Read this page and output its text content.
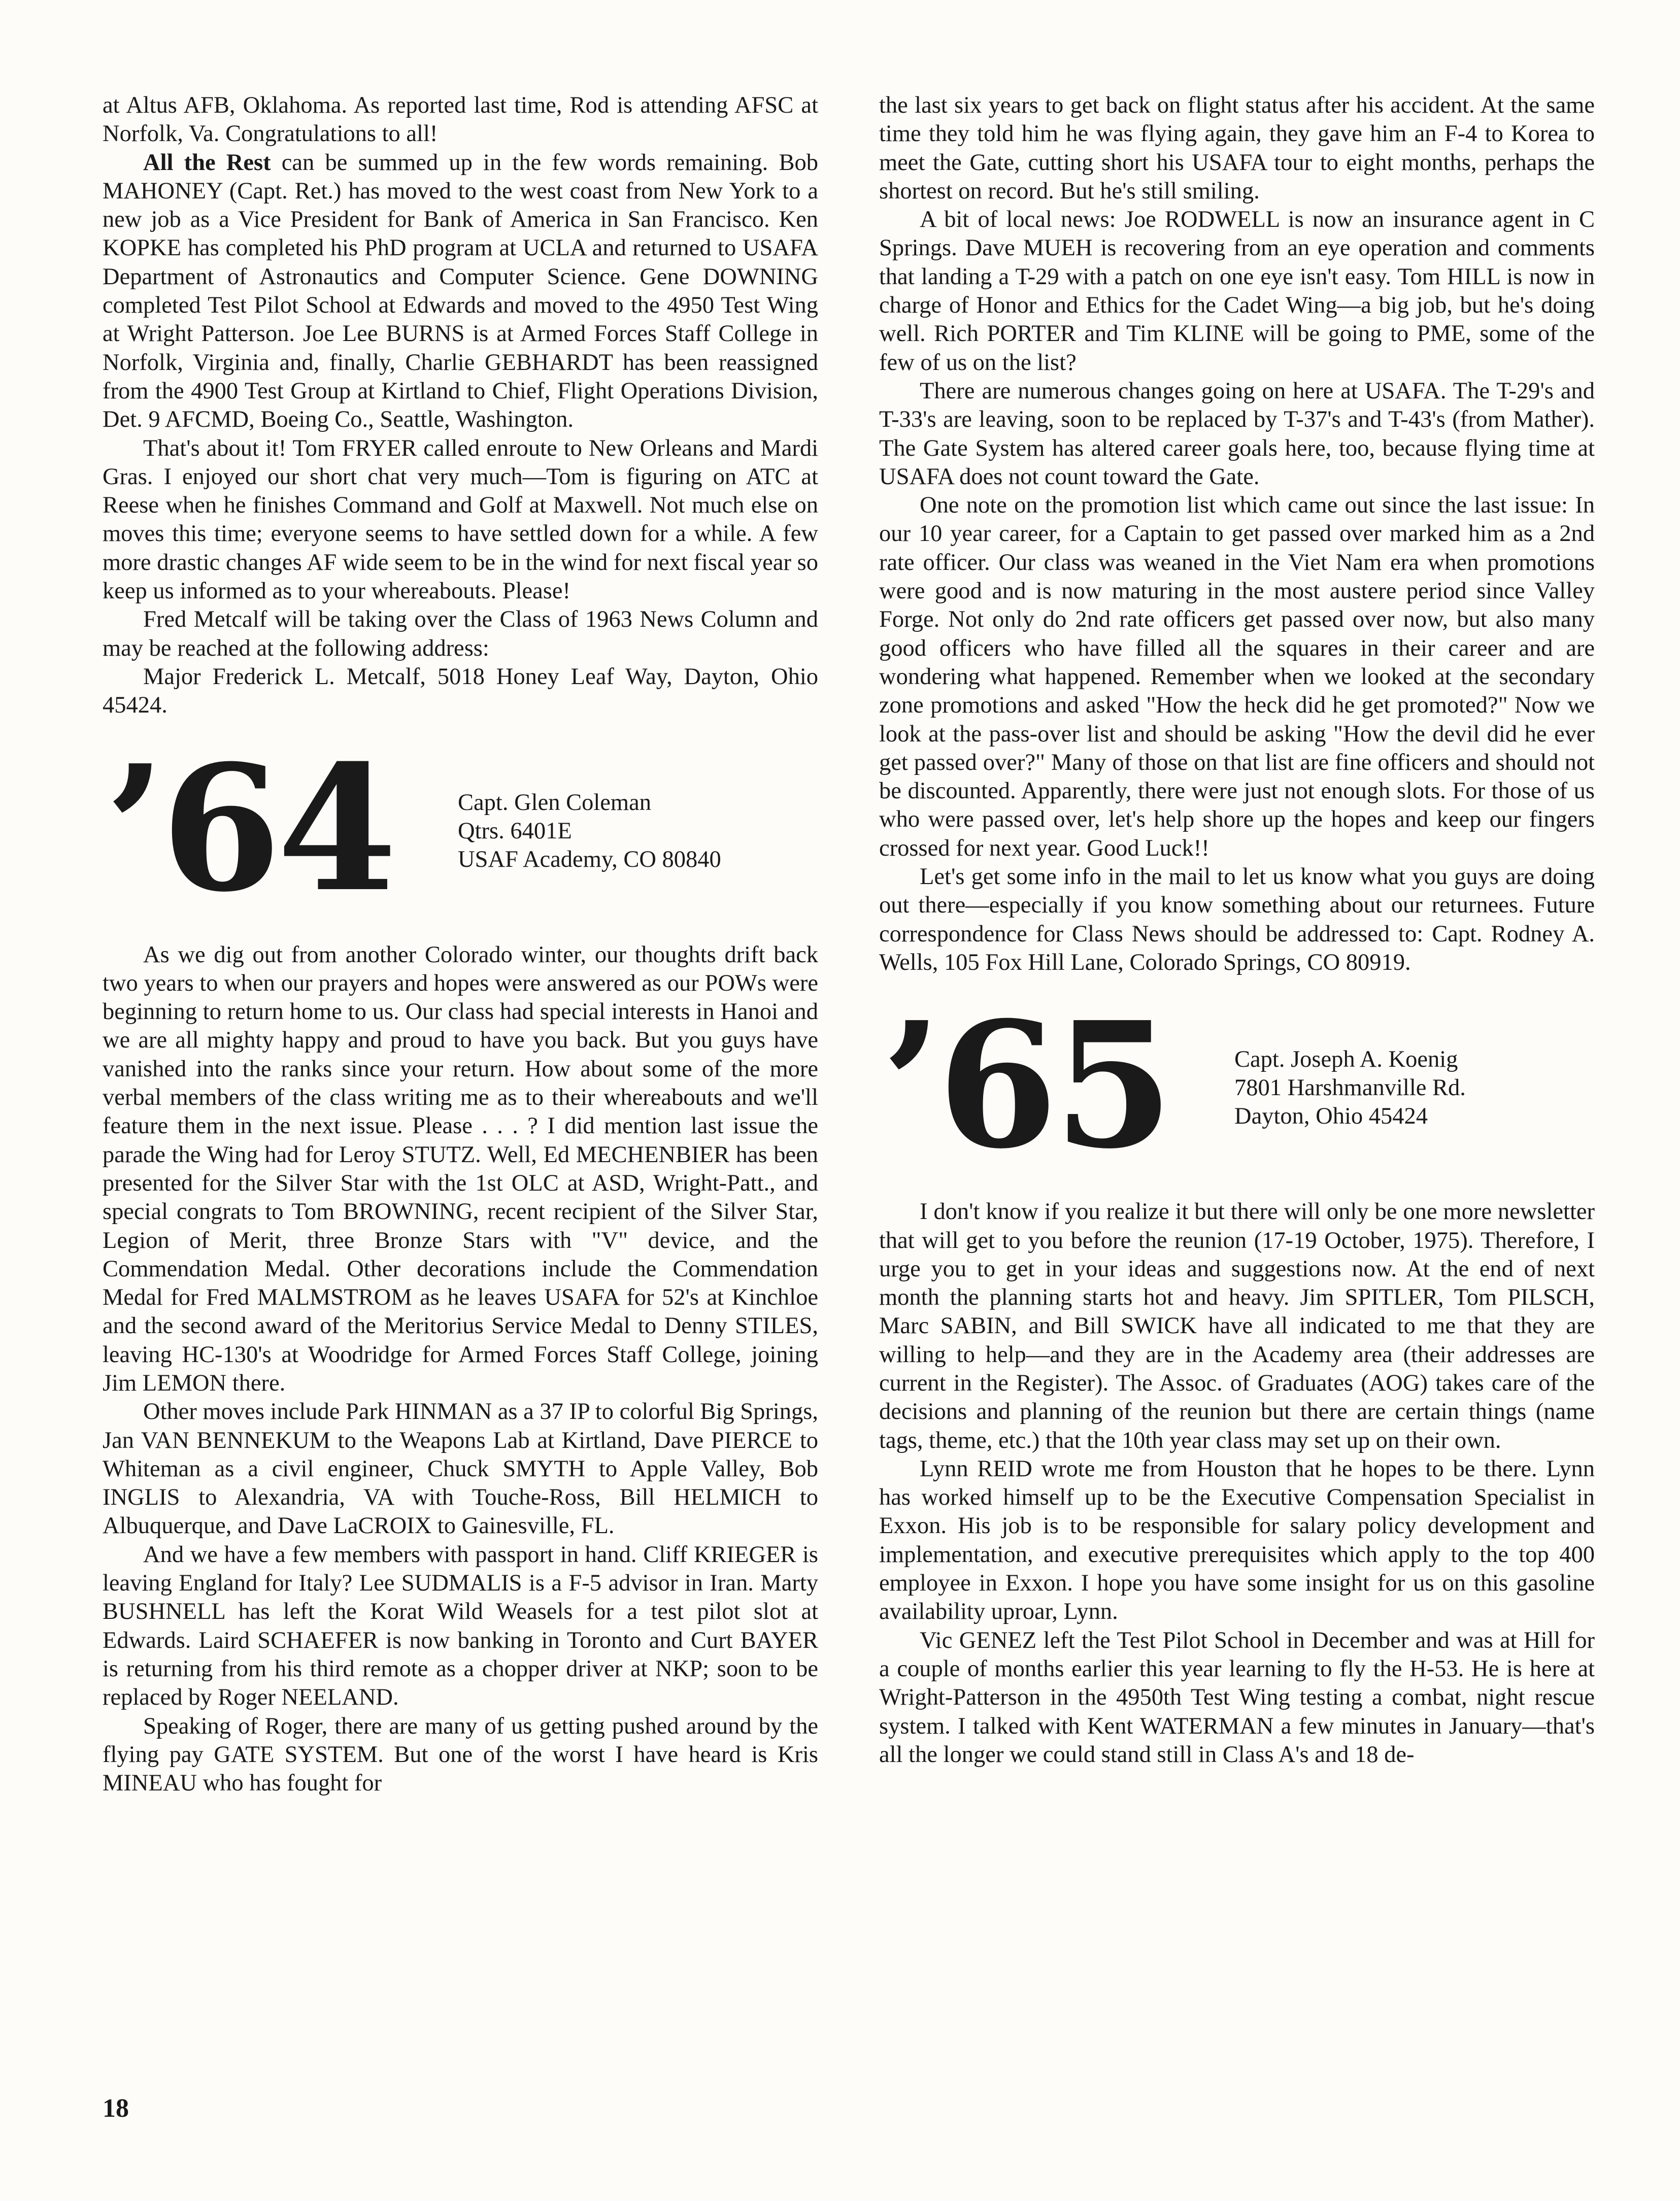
at Altus AFB, Oklahoma. As reported last time, Rod is attending AFSC at Norfolk, Va. Congratulations to all!

All the Rest can be summed up in the few words remaining. Bob MAHONEY (Capt. Ret.) has moved to the west coast from New York to a new job as a Vice President for Bank of America in San Francisco. Ken KOPKE has completed his PhD program at UCLA and returned to USAFA Department of Astronautics and Computer Science. Gene DOWNING completed Test Pilot School at Edwards and moved to the 4950 Test Wing at Wright Patterson. Joe Lee BURNS is at Armed Forces Staff College in Norfolk, Virginia and, finally, Charlie GEBHARDT has been reassigned from the 4900 Test Group at Kirtland to Chief, Flight Operations Division, Det. 9 AFCMD, Boeing Co., Seattle, Washington.

That's about it! Tom FRYER called enroute to New Orleans and Mardi Gras. I enjoyed our short chat very much—Tom is figuring on ATC at Reese when he finishes Command and Golf at Maxwell. Not much else on moves this time; everyone seems to have settled down for a while. A few more drastic changes AF wide seem to be in the wind for next fiscal year so keep us informed as to your whereabouts. Please!

Fred Metcalf will be taking over the Class of 1963 News Column and may be reached at the following address:

Major Frederick L. Metcalf, 5018 Honey Leaf Way, Dayton, Ohio 45424.

’64	Capt. Glen Coleman
Qtrs. 6401E
USAF Academy, CO 80840

As we dig out from another Colorado winter, our thoughts drift back two years to when our prayers and hopes were answered as our POWs were beginning to return home to us. Our class had special interests in Hanoi and we are all mighty happy and proud to have you back. But you guys have vanished into the ranks since your return. How about some of the more verbal members of the class writing me as to their whereabouts and we'll feature them in the next issue. Please . . . ? I did mention last issue the parade the Wing had for Leroy STUTZ. Well, Ed MECHENBIER has been presented for the Silver Star with the 1st OLC at ASD, Wright-Patt., and special congrats to Tom BROWNING, recent recipient of the Silver Star, Legion of Merit, three Bronze Stars with "V" device, and the Commendation Medal. Other decorations include the Commendation Medal for Fred MALMSTROM as he leaves USAFA for 52's at Kinchloe and the second award of the Meritorius Service Medal to Denny STILES, leaving HC-130's at Woodridge for Armed Forces Staff College, joining Jim LEMON there.

Other moves include Park HINMAN as a 37 IP to colorful Big Springs, Jan VAN BENNEKUM to the Weapons Lab at Kirtland, Dave PIERCE to Whiteman as a civil engineer, Chuck SMYTH to Apple Valley, Bob INGLIS to Alexandria, VA with Touche-Ross, Bill HELMICH to Albuquerque, and Dave LaCROIX to Gainesville, FL.

And we have a few members with passport in hand. Cliff KRIEGER is leaving England for Italy? Lee SUDMALIS is a F-5 advisor in Iran. Marty BUSHNELL has left the Korat Wild Weasels for a test pilot slot at Edwards. Laird SCHAEFER is now banking in Toronto and Curt BAYER is returning from his third remote as a chopper driver at NKP; soon to be replaced by Roger NEELAND.

Speaking of Roger, there are many of us getting pushed around by the flying pay GATE SYSTEM. But one of the worst I have heard is Kris MINEAU who has fought for

the last six years to get back on flight status after his accident. At the same time they told him he was flying again, they gave him an F-4 to Korea to meet the Gate, cutting short his USAFA tour to eight months, perhaps the shortest on record. But he's still smiling.

A bit of local news: Joe RODWELL is now an insurance agent in C Springs. Dave MUEH is recovering from an eye operation and comments that landing a T-29 with a patch on one eye isn't easy. Tom HILL is now in charge of Honor and Ethics for the Cadet Wing—a big job, but he's doing well. Rich PORTER and Tim KLINE will be going to PME, some of the few of us on the list?

There are numerous changes going on here at USAFA. The T-29's and T-33's are leaving, soon to be replaced by T-37's and T-43's (from Mather). The Gate System has altered career goals here, too, because flying time at USAFA does not count toward the Gate.

One note on the promotion list which came out since the last issue: In our 10 year career, for a Captain to get passed over marked him as a 2nd rate officer. Our class was weaned in the Viet Nam era when promotions were good and is now maturing in the most austere period since Valley Forge. Not only do 2nd rate officers get passed over now, but also many good officers who have filled all the squares in their career and are wondering what happened. Remember when we looked at the secondary zone promotions and asked "How the heck did he get promoted?" Now we look at the pass-over list and should be asking "How the devil did he ever get passed over?" Many of those on that list are fine officers and should not be discounted. Apparently, there were just not enough slots. For those of us who were passed over, let's help shore up the hopes and keep our fingers crossed for next year. Good Luck!!

Let's get some info in the mail to let us know what you guys are doing out there—especially if you know something about our returnees. Future correspondence for Class News should be addressed to: Capt. Rodney A. Wells, 105 Fox Hill Lane, Colorado Springs, CO 80919.

’65	Capt. Joseph A. Koenig
7801 Harshmanville Rd.
Dayton, Ohio 45424

I don't know if you realize it but there will only be one more newsletter that will get to you before the reunion (17-19 October, 1975). Therefore, I urge you to get in your ideas and suggestions now. At the end of next month the planning starts hot and heavy. Jim SPITLER, Tom PILSCH, Marc SABIN, and Bill SWICK have all indicated to me that they are willing to help—and they are in the Academy area (their addresses are current in the Register). The Assoc. of Graduates (AOG) takes care of the decisions and planning of the reunion but there are certain things (name tags, theme, etc.) that the 10th year class may set up on their own.

Lynn REID wrote me from Houston that he hopes to be there. Lynn has worked himself up to be the Executive Compensation Specialist in Exxon. His job is to be responsible for salary policy development and implementation, and executive prerequisites which apply to the top 400 employee in Exxon. I hope you have some insight for us on this gasoline availability uproar, Lynn.

Vic GENEZ left the Test Pilot School in December and was at Hill for a couple of months earlier this year learning to fly the H-53. He is here at Wright-Patterson in the 4950th Test Wing testing a combat, night rescue system. I talked with Kent WATERMAN a few minutes in January—that's all the longer we could stand still in Class A's and 18 de-

18
